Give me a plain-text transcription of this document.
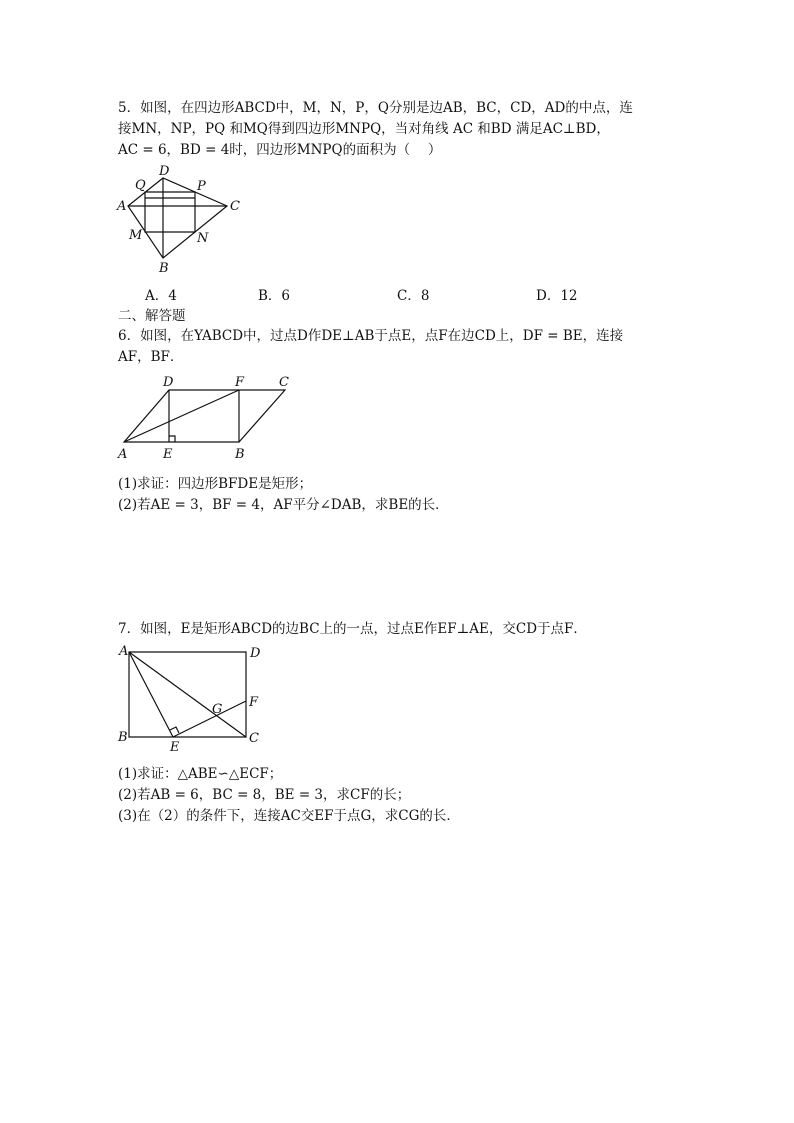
5．如图，在四边形ABCD中，M，N，P，Q分别是边AB，BC，CD，AD的中点，连
接MN，NP，PQ 和MQ得到四边形MNPQ，当对角线 AC 和BD 满足AC⊥BD，
AC = 6，BD = 4时，四边形MNPQ的面积为（　 ）
A
D
Q	P
C
M	N
B
A．4	B．6	C．8	D．12
二、解答题
6．如图，在YABCD中，过点D作DE⊥AB于点E，点F在边CD上，DF = BE，连接
AF，BF．
D	F	C
A	E	B
(1)求证：四边形BFDE是矩形；
(2)若AE = 3，BF = 4，AF平分∠DAB，求BE的长．
7．如图，E是矩形ABCD的边BC上的一点，过点E作EF⊥AE，交CD于点F．
A	D
F
G
B
E
C
(1)求证：△ABE∽△ECF；
(2)若AB = 6，BC = 8，BE = 3，求CF的长；
(3)在（2）的条件下，连接AC交EF于点G，求CG的长．
